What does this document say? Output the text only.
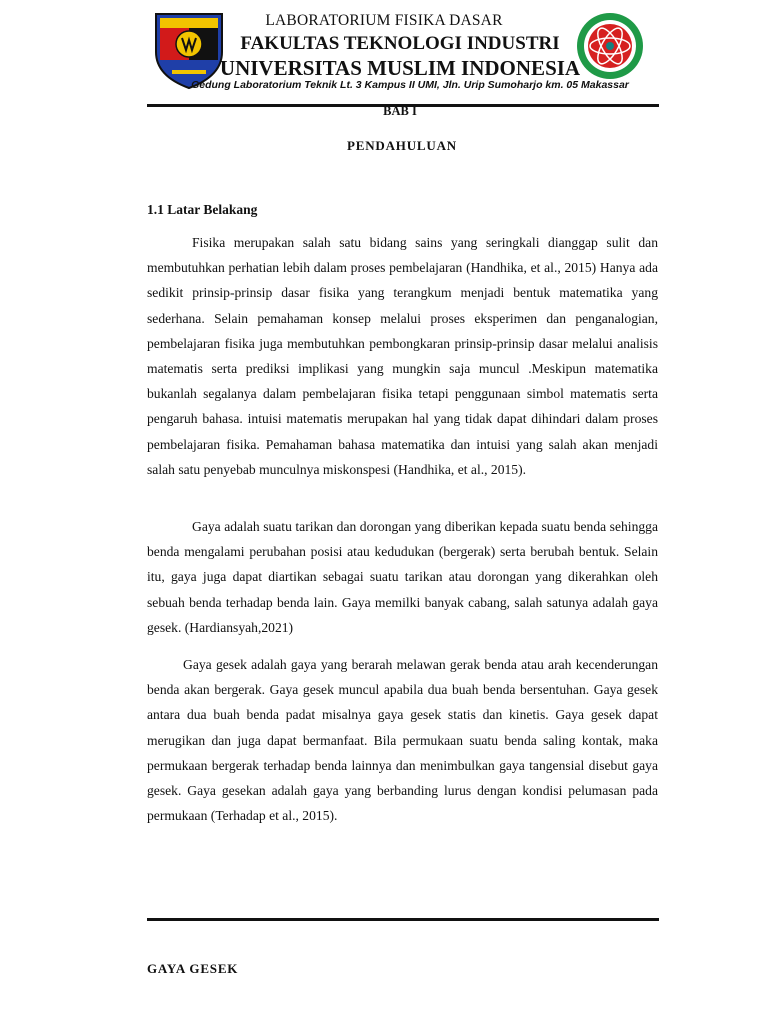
LABORATORIUM FISIKA DASAR
FAKULTAS TEKNOLOGI INDUSTRI
UNIVERSITAS MUSLIM INDONESIA
Gedung Laboratorium Teknik Lt. 3 Kampus II UMI, Jln. Urip Sumoharjo km. 05 Makassar
BAB I
PENDAHULUAN
1.1 Latar Belakang

Fisika merupakan salah satu bidang sains yang seringkali dianggap sulit dan membutuhkan perhatian lebih dalam proses pembelajaran (Handhika, et al., 2015) Hanya ada sedikit prinsip-prinsip dasar fisika yang terangkum menjadi bentuk matematika yang sederhana. Selain pemahaman konsep melalui proses eksperimen dan penganalogian, pembelajaran fisika juga membutuhkan pembongkaran prinsip-prinsip dasar melalui analisis matematis serta prediksi implikasi yang mungkin saja muncul .Meskipun matematika bukanlah segalanya dalam pembelajaran fisika tetapi penggunaan simbol matematis serta pengaruh bahasa. intuisi matematis merupakan hal yang tidak dapat dihindari dalam proses pembelajaran fisika. Pemahaman bahasa matematika dan intuisi yang salah akan menjadi salah satu penyebab munculnya miskonspesi (Handhika, et al., 2015).

Gaya adalah suatu tarikan dan dorongan yang diberikan kepada suatu benda sehingga benda mengalami perubahan posisi atau kedudukan (bergerak) serta berubah bentuk. Selain itu, gaya juga dapat diartikan sebagai suatu tarikan atau dorongan yang dikerahkan oleh sebuah benda terhadap benda lain. Gaya memilki banyak cabang, salah satunya adalah gaya gesek. (Hardiansyah,2021)

Gaya gesek adalah gaya yang berarah melawan gerak benda atau arah kecenderungan benda akan bergerak. Gaya gesek muncul apabila dua buah benda bersentuhan. Gaya gesek antara dua buah benda padat misalnya gaya gesek statis dan kinetis. Gaya gesek dapat merugikan dan juga dapat bermanfaat. Bila permukaan suatu benda saling kontak, maka permukaan bergerak terhadap benda lainnya dan menimbulkan gaya tangensial disebut gaya gesek. Gaya gesekan adalah gaya yang berbanding lurus dengan kondisi pelumasan pada permukaan (Terhadap et al., 2015).

GAYA GESEK
